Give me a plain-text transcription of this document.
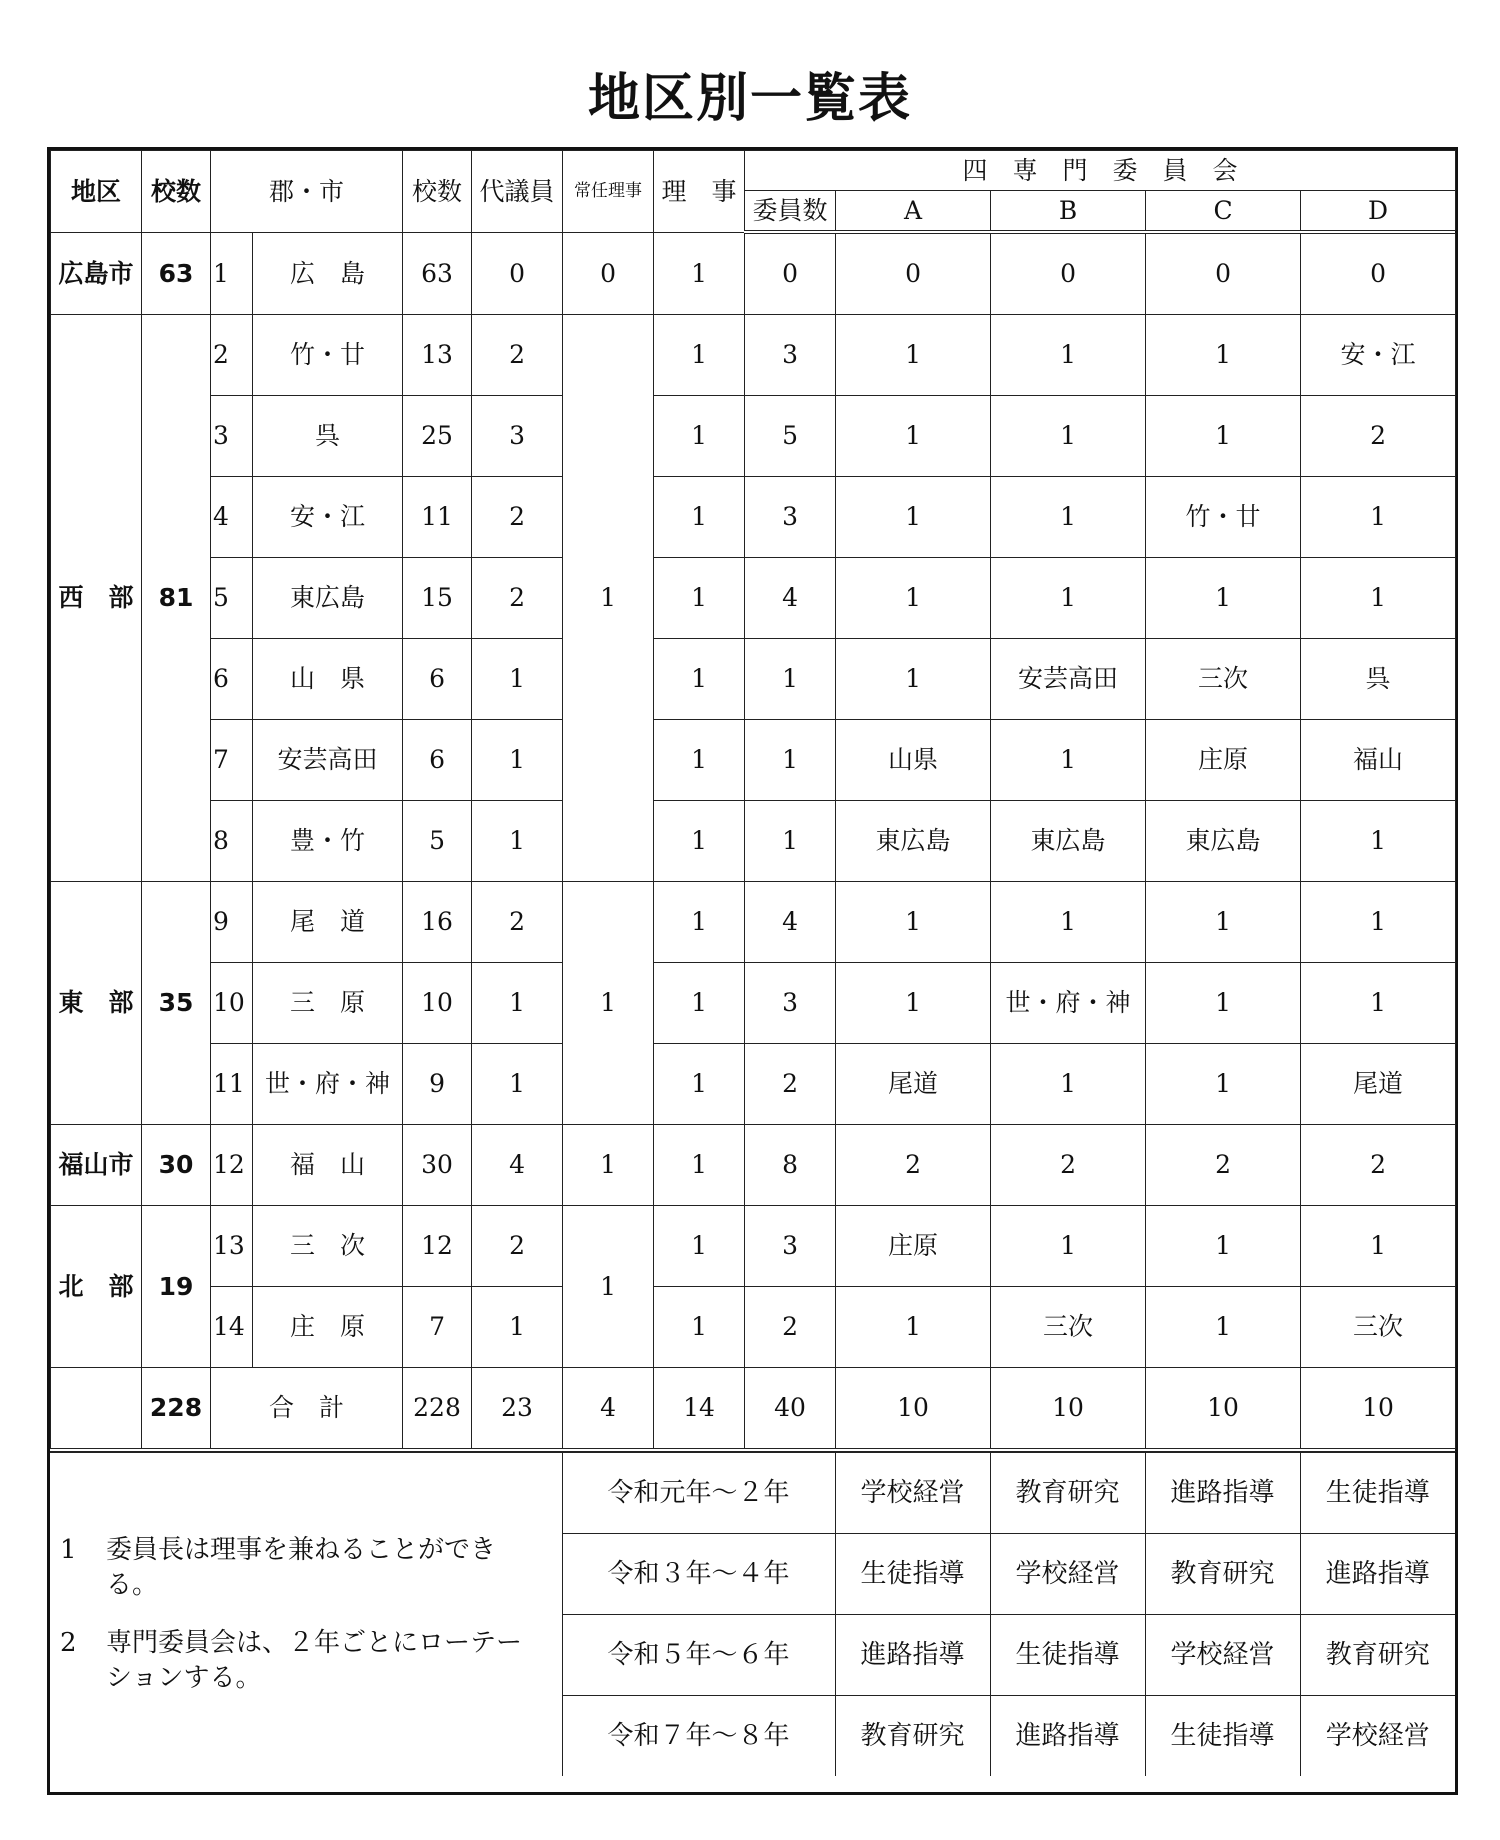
地区別一覧表
地区	校数	郡・市		校数	代議員	常任理事	理　事	四　専　門　委　員　会				
								委員数	A	B	C	D
広島市	63	1	広　島	63	0	0	1	0	0	0	0	0
西　部	81	2	竹・廿	13	2	1	1	3	1	1	1	安・江
		3	呉	25	3		1	5	1	1	1	2
		4	安・江	11	2		1	3	1	1	竹・廿	1
		5	東広島	15	2		1	4	1	1	1	1
		6	山　県	6	1		1	1	1	安芸高田	三次	呉
		7	安芸高田	6	1		1	1	山県	1	庄原	福山
		8	豊・竹	5	1		1	1	東広島	東広島	東広島	1
東　部	35	9	尾　道	16	2	1	1	4	1	1	1	1
		10	三　原	10	1		1	3	1	世・府・神	1	1
		11	世・府・神	9	1		1	2	尾道	1	1	尾道
福山市	30	12	福　山	30	4	1	1	8	2	2	2	2
北　部	19	13	三　次	12	2	1	1	3	庄原	1	1	1
		14	庄　原	7	1		1	2	1	三次	1	三次
	228	合　計		228	23	4	14	40	10	10	10	10
1 委員長は理事を兼ねることができる。
2 専門委員会は、２年ごとにローテーションする。	令和元年～２年	学校経営	教育研究	進路指導	生徒指導
	令和３年～４年	生徒指導	学校経営	教育研究	進路指導
	令和５年～６年	進路指導	生徒指導	学校経営	教育研究
	令和７年～８年	教育研究	進路指導	生徒指導	学校経営
